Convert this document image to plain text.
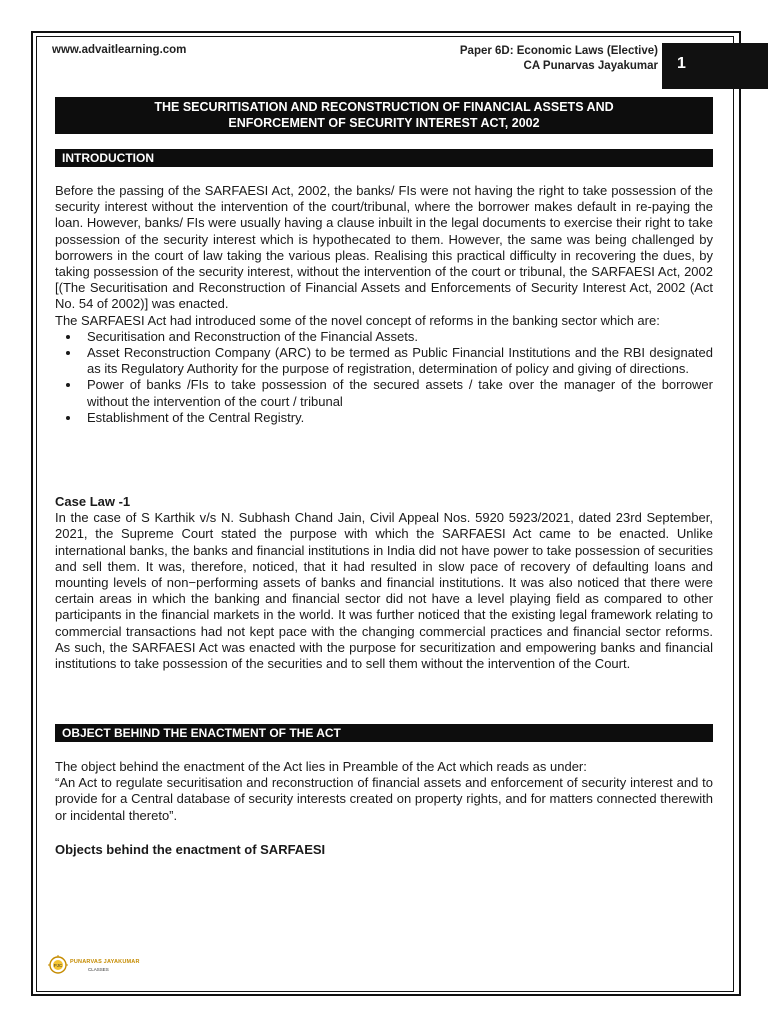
www.advaitlearning.com	Paper 6D: Economic Laws (Elective)
CA Punarvas Jayakumar 1
THE SECURITISATION AND RECONSTRUCTION OF FINANCIAL ASSETS AND
ENFORCEMENT OF SECURITY INTEREST ACT, 2002
INTRODUCTION

Before the passing of the SARFAESI Act, 2002, the banks/ FIs were not having the right to take possession of the security interest without the intervention of the court/tribunal, where the borrower makes default in re-paying the loan. However, banks/ FIs were usually having a clause inbuilt in the legal documents to exercise their right to take possession of the security interest which is hypothecated to them. However, the same was being challenged by borrowers in the court of law taking the various pleas. Realising this practical difficulty in recovering the dues, by taking possession of the security interest, without the intervention of the court or tribunal, the SARFAESI Act, 2002 [(The Securitisation and Reconstruction of Financial Assets and Enforcements of Security Interest Act, 2002 (Act No. 54 of 2002)] was enacted.

The SARFAESI Act had introduced some of the novel concept of reforms in the banking sector which are:

• Securitisation and Reconstruction of the Financial Assets.
• Asset Reconstruction Company (ARC) to be termed as Public Financial Institutions and the RBI designated as its Regulatory Authority for the purpose of registration, determination of policy and giving of directions.
• Power of banks /FIs to take possession of the secured assets / take over the manager of the borrower without the intervention of the court / tribunal
• Establishment of the Central Registry.

Case Law -1

In the case of S Karthik v/s N. Subhash Chand Jain, Civil Appeal Nos. 5920 5923/2021, dated 23rd September, 2021, the Supreme Court stated the purpose with which the SARFAESI Act came to be enacted. Unlike international banks, the banks and financial institutions in India did not have power to take possession of securities and sell them. It was, therefore, noticed, that it had resulted in slow pace of recovery of defaulting loans and mounting levels of non−performing assets of banks and financial institutions. It was also noticed that there were certain areas in which the banking and financial sector did not have a level playing field as compared to other participants in the financial markets in the world. It was further noticed that the existing legal framework relating to commercial transactions had not kept pace with the changing commercial practices and financial sector reforms. As such, the SARFAESI Act was enacted with the purpose for securitization and empowering banks and financial institutions to take possession of the securities and to sell them without the intervention of the Court.

OBJECT BEHIND THE ENACTMENT OF THE ACT

The object behind the enactment of the Act lies in Preamble of the Act which reads as under:

“An Act to regulate securitisation and reconstruction of financial assets and enforcement of security interest and to provide for a Central database of security interests created on property rights, and for matters connected therewith or incidental thereto”.

Objects behind the enactment of SARFAESI

PJC
PUNARVAS JAYAKUMAR
CLASSES
